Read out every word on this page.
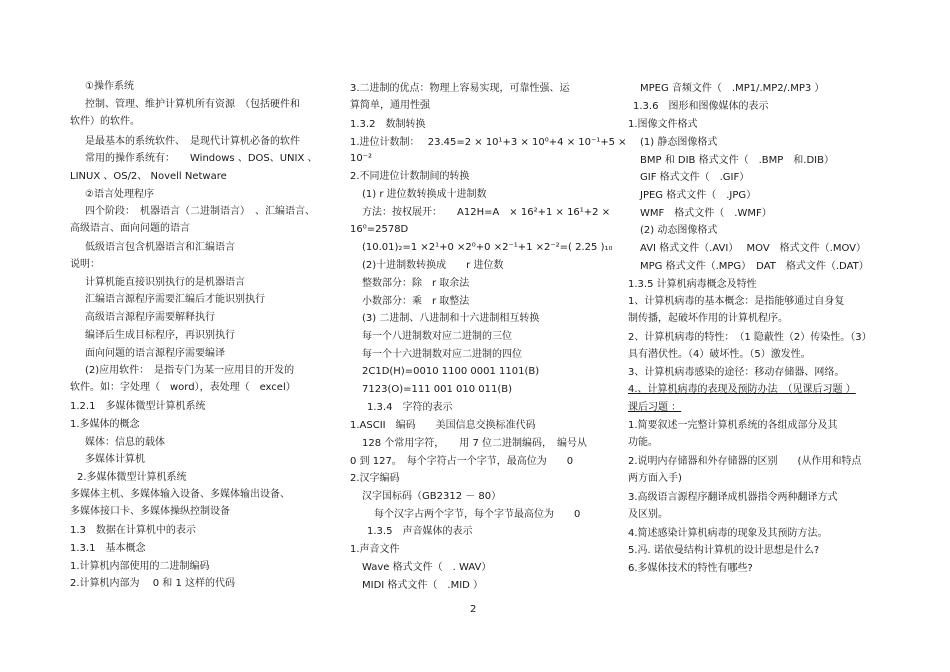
①操作系统
控制、管理、维护计算机所有资源　（包括硬件和
软件）的软件。
是最基本的系统软件、　是现代计算机必备的软件
常用的操作系统有：　　Windows 、DOS、UNIX 、
LINUX 、OS/2、 Novell Netware
②语言处理程序
四个阶段：　机器语言（二进制语言）　、汇编语言、
高级语言、面向问题的语言
低级语言包含机器语言和汇编语言
说明：
计算机能直接识别执行的是机器语言
汇编语言源程序需要汇编后才能识别执行
高级语言源程序需要解释执行
编译后生成目标程序，再识别执行
面向问题的语言源程序需要编译
(2)应用软件：　是指专门为某一应用目的开发的
软件。如：字处理（　word），表处理（　excel）
1.2.1　多媒体微型计算机系统
1.多媒体的概念
媒体：信息的载体
多媒体计算机
2.多媒体微型计算机系统
多媒体主机、多媒体输入设备、多媒体输出设备、
多媒体接口卡、多媒体操纵控制设备
1.3　数据在计算机中的表示
1.3.1　基本概念
1.计算机内部使用的二进制编码
2.计算机内部为　 0 和 1 这样的代码
3.二进制的优点：物理上容易实现，可靠性强、运
算简单，通用性强
1.3.2　数制转换
1.进位计数制：　 23.45=2 × 10¹+3 × 10⁰+4 × 10⁻¹+5 ×
10⁻²
2.不同进位计数制间的转换
(1) r 进位数转换成十进制数
方法：按权展开：　　A12H=A　× 16²+1 × 16¹+2 ×
16⁰=2578D
(10.01)₂=1 ×2¹+0 ×2⁰+0 ×2⁻¹+1 ×2⁻²=( 2.25 )₁₀
(2)十进制数转换成　　r 进位数
整数部分：除　r 取余法
小数部分：乘　r 取整法
(3) 二进制、八进制和十六进制相互转换
每一个八进制数对应二进制的三位
每一个十六进制数对应二进制的四位
2C1D(H)=0010 1100 0001 1101(B)
7123(O)=111 001 010 011(B)
1.3.4　字符的表示
1.ASCII　编码　　美国信息交换标准代码
128 个常用字符，　　用 7 位二进制编码，　编号从
0 到 127。　每个字符占一个字节，最高位为　　0
2.汉字编码
汉字国标码（GB2312 － 80）
每个汉字占两个字节，每个字节最高位为　　0
1.3.5　声音媒体的表示
1.声音文件
Wave 格式文件（　. WAV）
MIDI 格式文件（　.MID ）
MPEG 音频文件（　.MP1/.MP2/.MP3 ）
1.3.6　图形和图像媒体的表示
1.图像文件格式
(1) 静态图像格式
BMP 和 DIB 格式文件（　.BMP　和.DIB）
GIF 格式文件（　.GIF）
JPEG 格式文件（　.JPG）
WMF　格式文件（　.WMF）
(2) 动态图像格式
AVI 格式文件（.AVI）　 MOV　格式文件（.MOV）
MPG 格式文件（.MPG）　DAT　格式文件（.DAT）
1.3.5 计算机病毒概念及特性
1、计算机病毒的基本概念：是指能够通过自身复
制传播，起破坏作用的计算机程序。
2、计算机病毒的特性：　（1 隐蔽性（2）传染性。（3）
具有潜伏性。（4）破坏性。（5）激发性。
3、计算机病毒感染的途径：移动存储器、网络。
4.、计算机病毒的表现及预防办法　（见课后习题 ）
课后习题 ：
1.简要叙述一完整计算机系统的各组成部分及其
功能。
2.说明内存储器和外存储器的区别　　(从作用和特点
两方面入手)
3.高级语言源程序翻译成机器指令两种翻译方式
及区别。
4.简述感染计算机病毒的现象及其预防方法。
5.冯. 诺依曼结构计算机的设计思想是什么?
6.多媒体技术的特性有哪些?
2
